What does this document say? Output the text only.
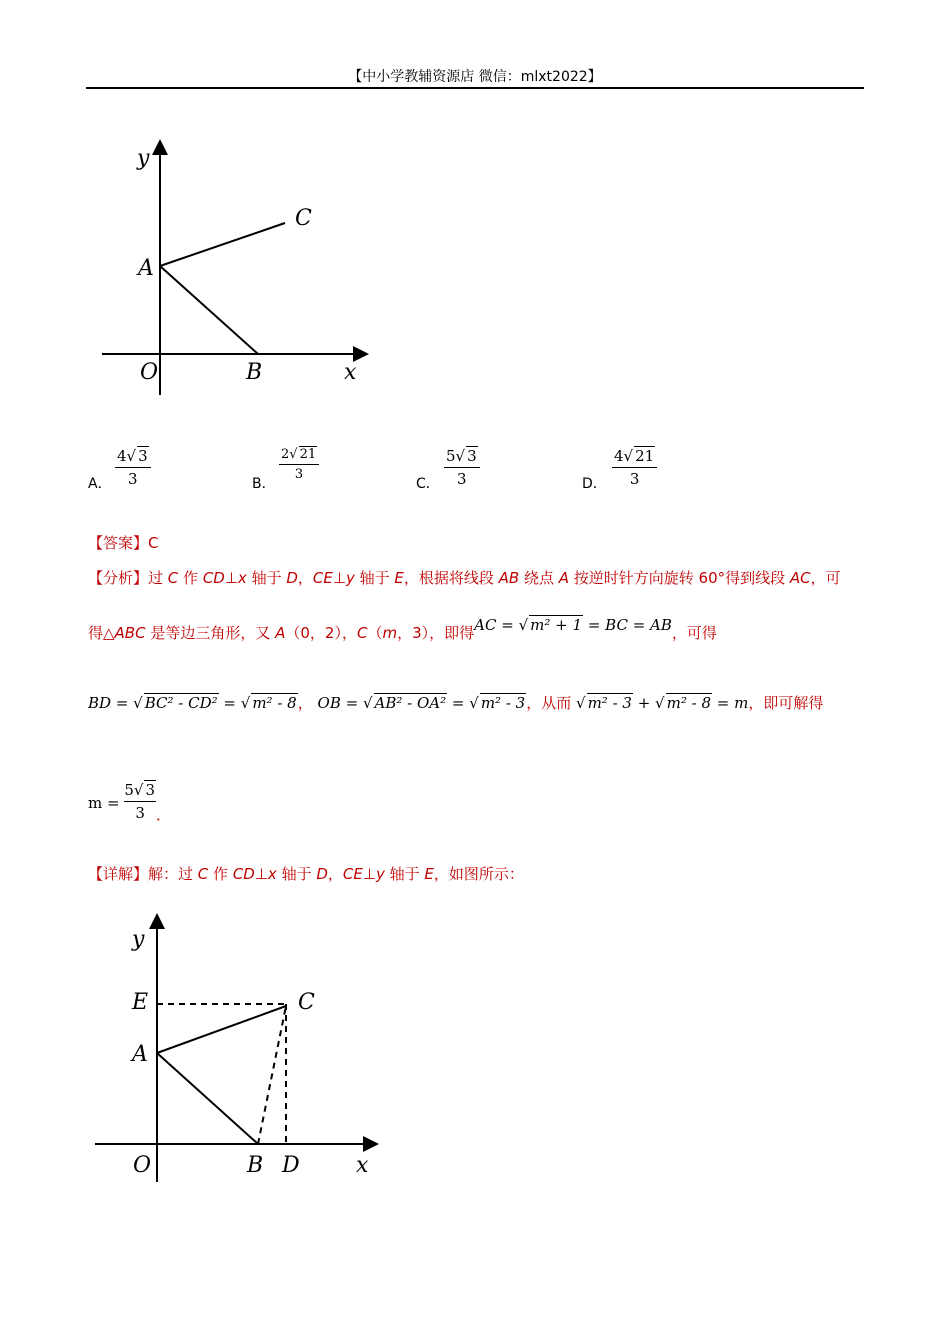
【中小学教辅资源店 微信：mlxt2022】
y
C
A
O	B	x
A．
4√ 3
3	B．
2√ 21
3
C．
5√ 3
3	D．
4√ 21
3
【答案】C
【分析】过 C 作 CD⊥x 轴于 D，CE⊥y 轴于 E，根据将线段 AB 绕点 A 按逆时针方向旋转 60°得到线段 AC，可
得△ABC 是等边三角形，又 A（0，2），C（m，3），即得AC = √ m² + 1 = BC = AB，可得
BD = √ BC² - CD² = √ m² - 8， OB = √ AB² - OA² = √ m² - 3，从而 √ m² - 3 + √ m² - 8 = m，即可解得
$m = \frac{5√ 3}{3}$ ．
【详解】解：过 C 作 CD⊥x 轴于 D，CE⊥y 轴于 E，如图所示：
y
E	C
A
O	B D	x
